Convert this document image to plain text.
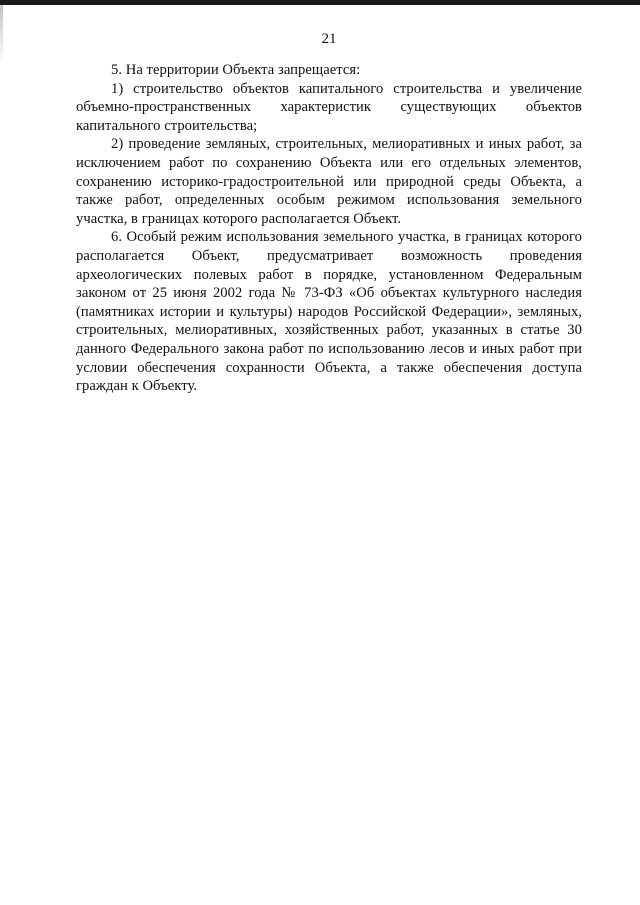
21

5. На территории Объекта запрещается:

1) строительство объектов капитального строительства и увеличение объемно-пространственных характеристик существующих объектов капитального строительства;

2) проведение земляных, строительных, мелиоративных и иных работ, за исключением работ по сохранению Объекта или его отдельных элементов, сохранению историко-градостроительной или природной среды Объекта, а также работ, определенных особым режимом использования земельного участка, в границах которого располагается Объект.

6. Особый режим использования земельного участка, в границах которого располагается Объект, предусматривает возможность проведения археологических полевых работ в порядке, установленном Федеральным законом от 25 июня 2002 года № 73-ФЗ «Об объектах культурного наследия (памятниках истории и культуры) народов Российской Федерации», земляных, строительных, мелиоративных, хозяйственных работ, указанных в статье 30 данного Федерального закона работ по использованию лесов и иных работ при условии обеспечения сохранности Объекта, а также обеспечения доступа граждан к Объекту.
